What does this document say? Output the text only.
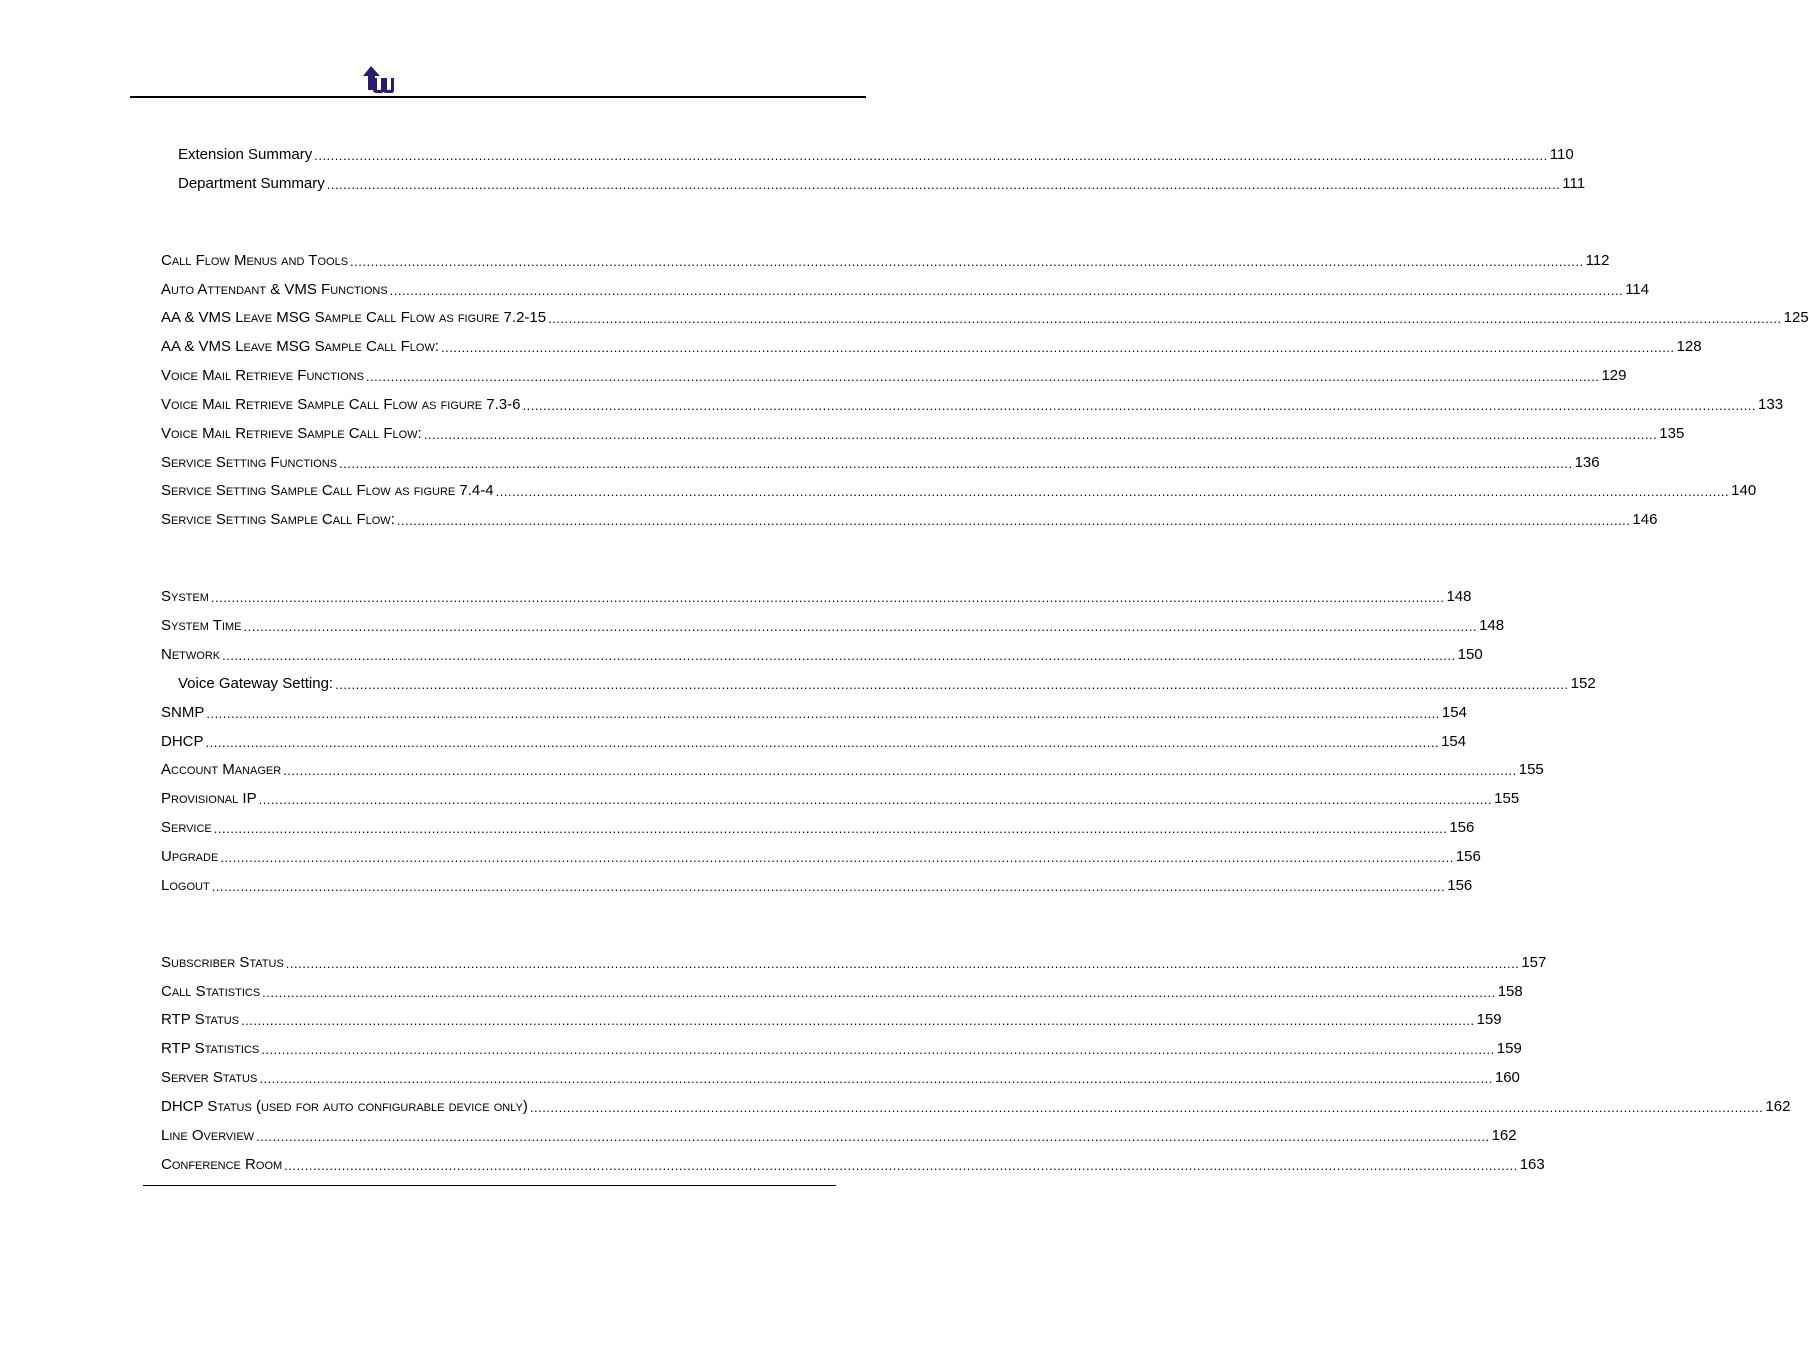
Extension Summary ............................................................................................................................................................................................................................................................................................................ 110
Department Summary ............................................................................................................................................................................................................................................................................................................ 111
Call Flow Menus and Tools ............................................................................................................................................................................................................................................................................................................ 112
Auto Attendant & VMS Functions ............................................................................................................................................................................................................................................................................................................ 114
AA & VMS Leave MSG Sample Call Flow as figure 7.2-15 ............................................................................................................................................................................................................................................................................................................ 125
AA & VMS Leave MSG Sample Call Flow: ............................................................................................................................................................................................................................................................................................................ 128
Voice Mail Retrieve Functions ............................................................................................................................................................................................................................................................................................................ 129
Voice Mail Retrieve Sample Call Flow as figure 7.3-6 ............................................................................................................................................................................................................................................................................................................ 133
Voice Mail Retrieve Sample Call Flow: ............................................................................................................................................................................................................................................................................................................ 135
Service Setting Functions ............................................................................................................................................................................................................................................................................................................ 136
Service Setting Sample Call Flow as figure 7.4-4 ............................................................................................................................................................................................................................................................................................................ 140
Service Setting Sample Call Flow: ............................................................................................................................................................................................................................................................................................................ 146
System ............................................................................................................................................................................................................................................................................................................ 148
System Time ............................................................................................................................................................................................................................................................................................................ 148
Network ............................................................................................................................................................................................................................................................................................................ 150
Voice Gateway Setting: ............................................................................................................................................................................................................................................................................................................ 152
SNMP ............................................................................................................................................................................................................................................................................................................ 154
DHCP ............................................................................................................................................................................................................................................................................................................ 154
Account Manager ............................................................................................................................................................................................................................................................................................................ 155
Provisional IP ............................................................................................................................................................................................................................................................................................................ 155
Service ............................................................................................................................................................................................................................................................................................................ 156
Upgrade ............................................................................................................................................................................................................................................................................................................ 156
Logout ............................................................................................................................................................................................................................................................................................................ 156
Subscriber Status ............................................................................................................................................................................................................................................................................................................ 157
Call Statistics ............................................................................................................................................................................................................................................................................................................ 158
RTP Status ............................................................................................................................................................................................................................................................................................................ 159
RTP Statistics ............................................................................................................................................................................................................................................................................................................ 159
Server Status ............................................................................................................................................................................................................................................................................................................ 160
DHCP Status (used for auto configurable device only) ............................................................................................................................................................................................................................................................................................................ 162
Line Overview ............................................................................................................................................................................................................................................................................................................ 162
Conference Room ............................................................................................................................................................................................................................................................................................................ 163
